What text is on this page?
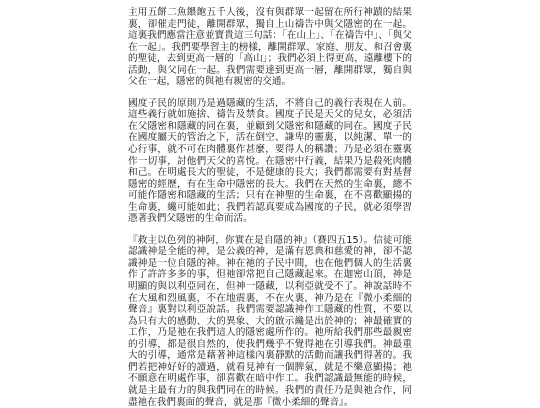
主用五餅二魚餵飽五千人後，沒有與群眾一起留在所行神蹟的結果裏，卻催走門徒，離開群眾，獨自上山禱告中與父隱密的在一起。這裏我們應當注意並寶貴這三句話：「在山上」、「在禱告中」、「與父在一起」。我們要學習主的榜樣，離開群眾、家庭、朋友、和召會裏的聖徒，去到更高一層的「高山」；我們必須上得更高，遠離樓下的活動，與父同在一起。我們需要達到更高一層，離開群眾，獨自與父在一起，隱密的與祂有親密的交通。

國度子民的原則乃是過隱藏的生活，不將自己的義行表現在人前。這些義行就如施捨、禱告及禁食。國度子民是天父的兒女，必須活在父隱密和隱藏的同在裏，並顧到父隱密和隱藏的同在。國度子民在國度屬天的管治之下，活在倒空、謙卑的靈裏，以純潔、單一的心行事，就不可在肉體裏作甚麼，要得人的稱讚；乃是必須在靈裏作一切事，討他們天父的喜悅。在隱密中行義，結果乃是殺死肉體和己。在明處長大的聖徒，不是健康的長大；我們都需要有對基督隱密的經歷，有在生命中隱密的長大。我們在天然的生命裏，總不可能作隱密和隱藏的生活；只有在神聖的生命裏，在不喜歡顯揚的生命裏，纔可能如此；我們若認真要成為國度的子民，就必須學習憑著我們父隱密的生命而活。

『救主以色列的神阿，你實在是自隱的神』（賽四五15）。信徒可能認識神是全能的神，是公義的神，是滿有恩典和慈愛的神，卻不認識神是一位自隱的神。神在祂的子民中間，也在他們個人的生活裏作了許許多多的事，但祂卻常把自己隱藏起來。在迦密山頂，神是明顯的與以利亞同在，但神一隱藏，以利亞就受不了。神說話時不在大風和烈風裏，不在地震裏，不在火裏，神乃是在『微小柔細的聲音』裏對以利亞說話。我們需要認識神作工隱藏的性質，不要以為只有大的感動、大的異象、大的啟示纔是出於神的；神最確實的工作，乃是祂在我們這人的隱密處所作的。祂所給我們那些最親密的引導，都是很自然的，使我們幾乎不覺得祂在引導我們。神最重大的引導，通常是藉著神這樣內裏靜默的活動而讓我們得著的。我們若把神好好的讀過，就看見神有一個脾氣，就是不樂意顯揚；祂不願意在明處作事，卻喜歡在暗中作工。我們認識最無能的時候，就是主最有力的與我們同在的時候。我們的責任乃是與祂合作，同盡祂在我們裏面的聲音，就是那『微小柔細的聲音』。
